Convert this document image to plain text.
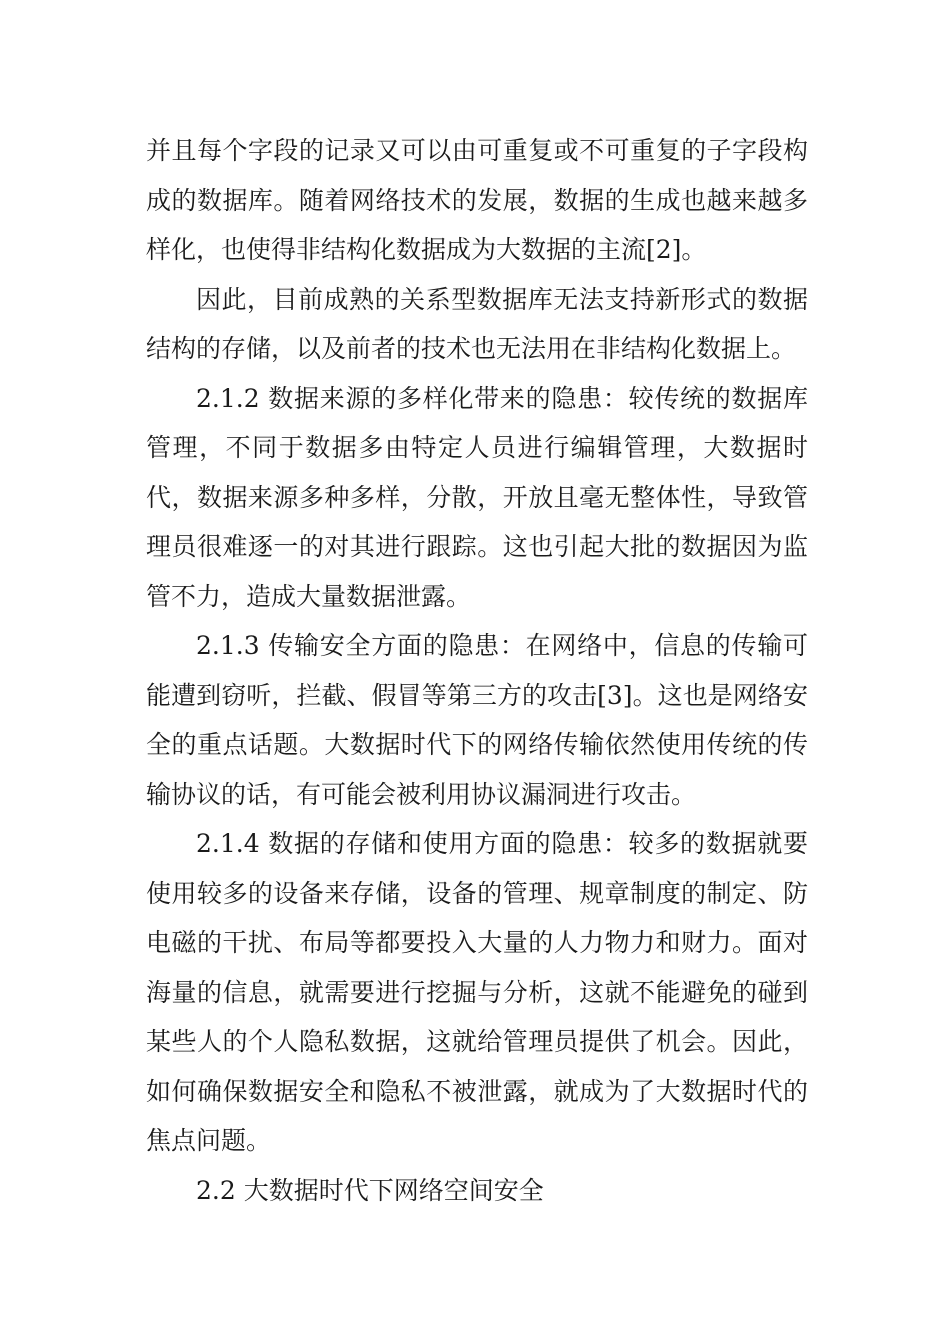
并且每个字段的记录又可以由可重复或不可重复的子字段构成的数据库。随着网络技术的发展，数据的生成也越来越多样化，也使得非结构化数据成为大数据的主流[2]。

因此，目前成熟的关系型数据库无法支持新形式的数据结构的存储，以及前者的技术也无法用在非结构化数据上。

2.1.2 数据来源的多样化带来的隐患：较传统的数据库管理，不同于数据多由特定人员进行编辑管理，大数据时代，数据来源多种多样，分散，开放且毫无整体性，导致管理员很难逐一的对其进行跟踪。这也引起大批的数据因为监管不力，造成大量数据泄露。

2.1.3 传输安全方面的隐患：在网络中，信息的传输可能遭到窃听，拦截、假冒等第三方的攻击[3]。这也是网络安全的重点话题。大数据时代下的网络传输依然使用传统的传输协议的话，有可能会被利用协议漏洞进行攻击。

2.1.4 数据的存储和使用方面的隐患：较多的数据就要使用较多的设备来存储，设备的管理、规章制度的制定、防电磁的干扰、布局等都要投入大量的人力物力和财力。面对海量的信息，就需要进行挖掘与分析，这就不能避免的碰到某些人的个人隐私数据，这就给管理员提供了机会。因此，如何确保数据安全和隐私不被泄露，就成为了大数据时代的焦点问题。

2.2 大数据时代下网络空间安全
